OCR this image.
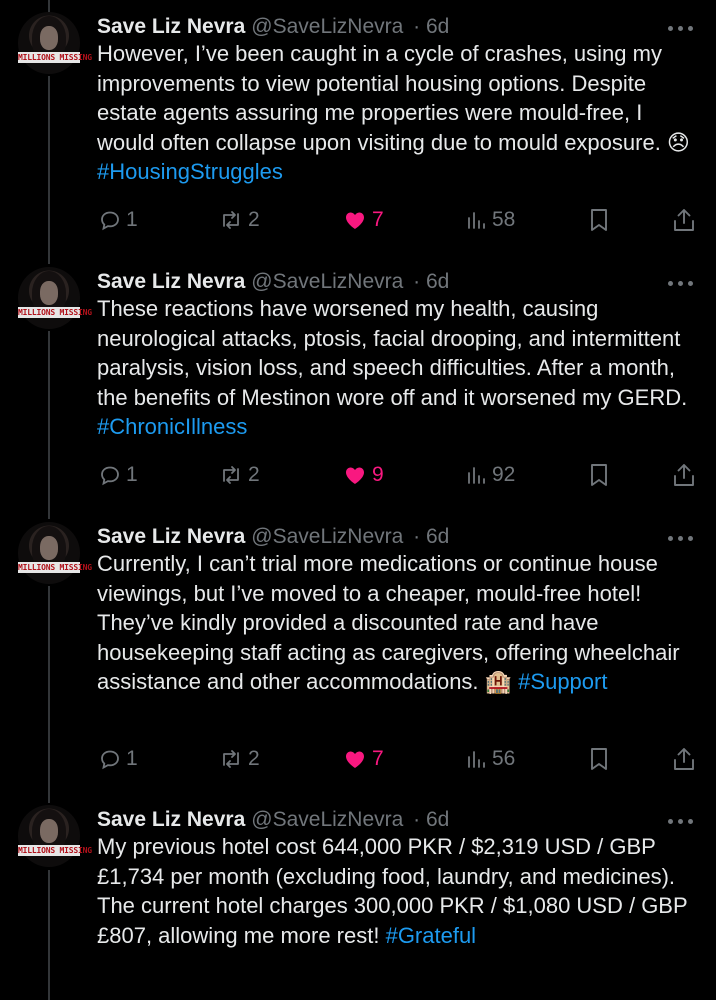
MILLIONS MISSING
Save Liz Nevra @SaveLizNevra · 6d
However, I’ve been caught in a cycle of crashes, using my improvements to view potential housing options. Despite estate agents assuring me properties were mould-free, I would often collapse upon visiting due to mould exposure. 😞 #HousingStruggles
1	2	7	58
MILLIONS MISSING
Save Liz Nevra @SaveLizNevra · 6d
These reactions have worsened my health, causing neurological attacks, ptosis, facial drooping, and intermittent paralysis, vision loss, and speech difficulties. After a month, the benefits of Mestinon wore off and it worsened my GERD. #ChronicIllness
1	2	9	92
MILLIONS MISSING
Save Liz Nevra @SaveLizNevra · 6d
Currently, I can’t trial more medications or continue house viewings, but I’ve moved to a cheaper, mould-free hotel! They’ve kindly provided a discounted rate and have housekeeping staff acting as caregivers, offering wheelchair assistance and other accommodations. 🏨 #Support
1	2	7	56
MILLIONS MISSING
Save Liz Nevra @SaveLizNevra · 6d
My previous hotel cost 644,000 PKR / $2,319 USD / GBP £1,734 per month (excluding food, laundry, and medicines). The current hotel charges 300,000 PKR / $1,080 USD / GBP £807, allowing me more rest! #Grateful
